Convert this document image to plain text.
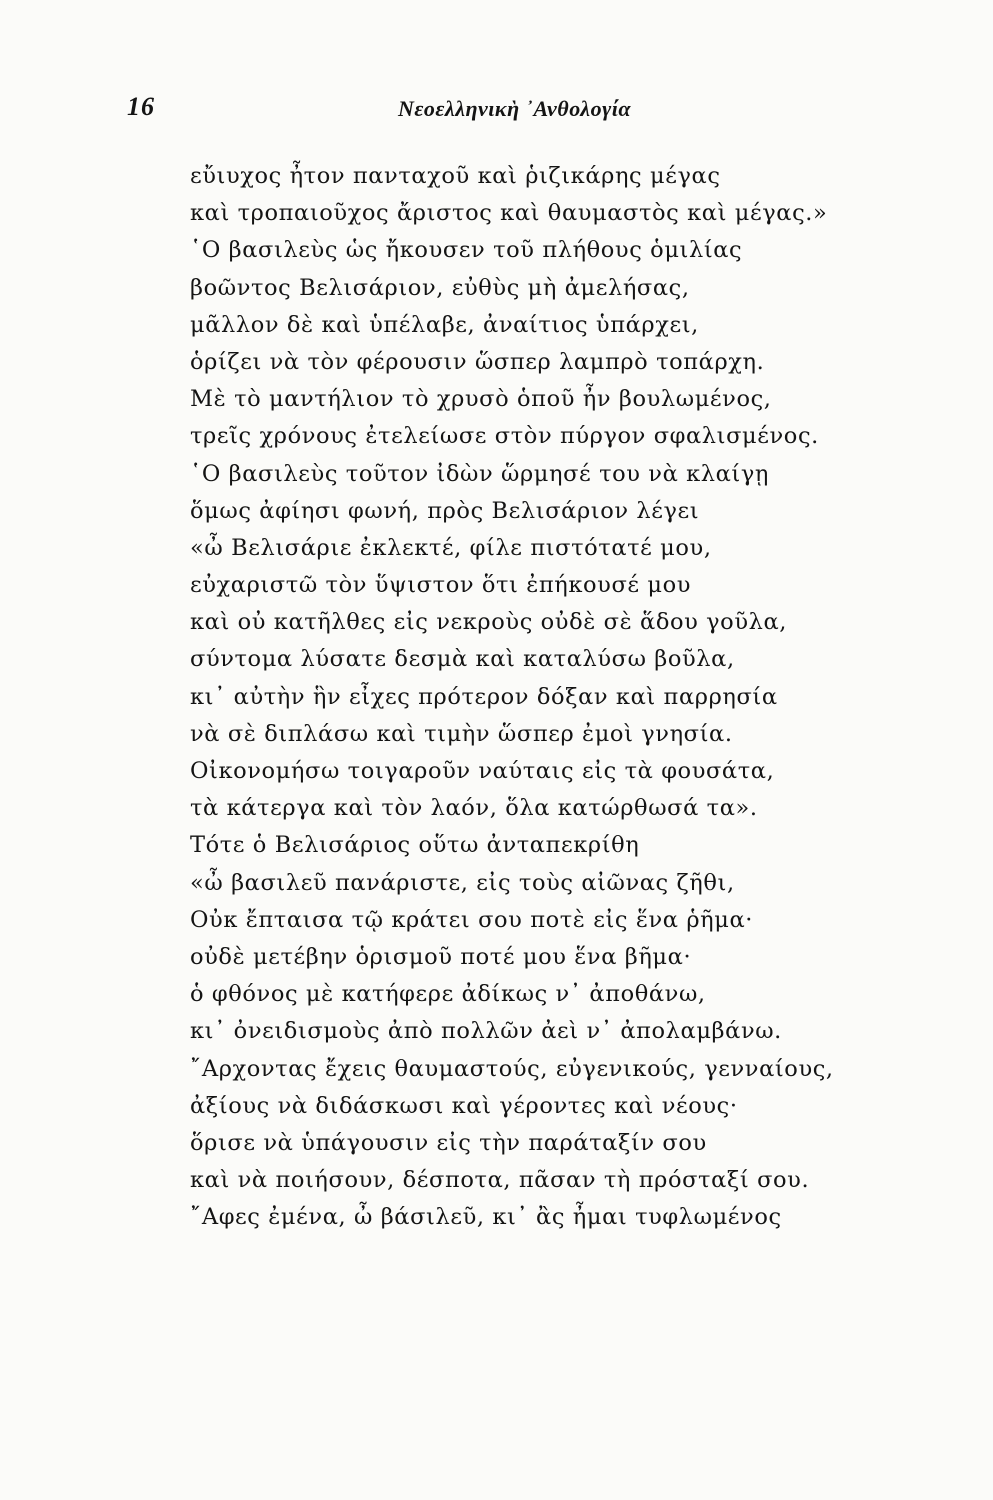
16	Νεοελληνικὴ ᾿Ανθολογία
εὔιυχος ἦτον πανταχοῦ καὶ ῥιζικάρης μέγας
καὶ τροπαιοῦχος ἄριστος καὶ θαυμαστὸς καὶ μέγας.»
῾Ο βασιλεὺς ὡς ἤκουσεν τοῦ πλήθους ὁμιλίας
βοῶντος Βελισάριον, εὐθὺς μὴ ἀμελήσας,
μᾶλλον δὲ καὶ ὑπέλαβε, ἀναίτιος ὑπάρχει,
ὁρίζει νὰ τὸν φέρουσιν ὥσπερ λαμπρὸ τοπάρχη.
Μὲ τὸ μαντήλιον τὸ χρυσὸ ὁποῦ ἦν βουλωμένος,
τρεῖς χρόνους ἐτελείωσε στὸν πύργον σφαλισμένος.
῾Ο βασιλεὺς τοῦτον ἰδὼν ὥρμησέ του νὰ κλαίγῃ
ὅμως ἀφίησι φωνή, πρὸς Βελισάριον λέγει
«ὦ Βελισάριε ἐκλεκτέ, φίλε πιστότατέ μου,
εὐχαριστῶ τὸν ὕψιστον ὅτι ἐπήκουσέ μου
καὶ οὐ κατῆλθες εἰς νεκροὺς οὐδὲ σὲ ἅδου γοῦλα,
σύντομα λύσατε δεσμὰ καὶ καταλύσω βοῦλα,
κι᾿ αὐτὴν ἣν εἶχες πρότερον δόξαν καὶ παρρησία
νὰ σὲ διπλάσω καὶ τιμὴν ὥσπερ ἐμοὶ γνησία.
Οἰκονομήσω τοιγαροῦν ναύταις εἰς τὰ φουσάτα,
τὰ κάτεργα καὶ τὸν λαόν, ὅλα κατώρθωσά τα».
Τότε ὁ Βελισάριος οὕτω ἀνταπεκρίθη
«ὦ βασιλεῦ πανάριστε, εἰς τοὺς αἰῶνας ζῆθι,
Οὐκ ἔπταισα τῷ κράτει σου ποτὲ εἰς ἕνα ῥῆμα·
οὐδὲ μετέβην ὁρισμοῦ ποτέ μου ἕνα βῆμα·
ὁ φθόνος μὲ κατήφερε ἀδίκως ν᾿ ἀποθάνω,
κι᾿ ὀνειδισμοὺς ἀπὸ πολλῶν ἀεὶ ν᾿ ἀπολαμβάνω.
῎Αρχοντας ἔχεις θαυμαστούς, εὐγενικούς, γενναίους,
ἀξίους νὰ διδάσκωσι καὶ γέροντες καὶ νέους·
ὅρισε νὰ ὑπάγουσιν εἰς τὴν παράταξίν σου
καὶ νὰ ποιήσουν, δέσποτα, πᾶσαν τὴ πρόσταξί σου.
῎Αφες ἐμένα, ὦ βάσιλεῦ, κι᾿ ἂς ἦμαι τυφλωμένος
